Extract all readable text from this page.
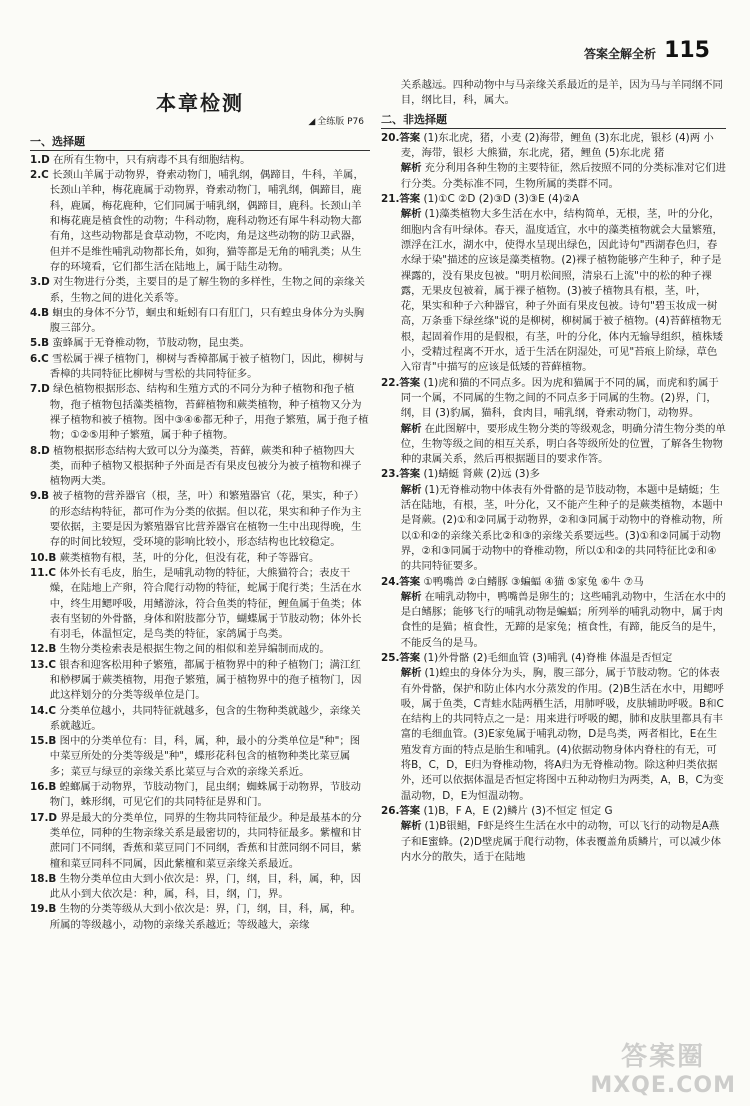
答案全解全析 115
本章检测
◢ 全练版 P76
一、选择题

1.D 在所有生物中，只有病毒不具有细胞结构。

2.C 长颈山羊属于动物界，脊索动物门，哺乳纲，偶蹄目，牛科，羊属，长颈山羊种，梅花鹿属于动物界，脊索动物门，哺乳纲，偶蹄目，鹿科，鹿属，梅花鹿种，它们同属于哺乳纲，偶蹄目，鹿科。长颈山羊和梅花鹿是植食性的动物；牛科动物，鹿科动物还有犀牛科动物大都有角，这些动物都是食草动物，不吃肉，角是这些动物的防卫武器，但并不是维性哺乳动物都长角，如狗，猫等都是无角的哺乳类；从生存的环境看，它们都生活在陆地上，属于陆生动物。

3.D 对生物进行分类，主要目的是了解生物的多样性，生物之间的亲缘关系，生物之间的进化关系等。

4.B 蛔虫的身体不分节，蛔虫和蚯蚓有口有肛门，只有蝗虫身体分为头胸腹三部分。

5.B 蛮蜂属于无脊椎动物，节肢动物，昆虫类。

6.C 雪松属于裸子植物门，柳树与香樟都属于被子植物门，因此，柳树与香樟的共同特征比柳树与雪松的共同特征多。

7.D 绿色植物根据形态、结构和生殖方式的不同分为种子植物和孢子植物，孢子植物包括藻类植物，苔藓植物和蕨类植物，种子植物又分为裸子植物和被子植物。图中③④⑥都无种子，用孢子繁殖，属于孢子植物；①②⑤用种子繁殖，属于种子植物。

8.D 植物根据形态结构大致可以分为藻类，苔藓，蕨类和种子植物四大类，而种子植物又根据种子外面是否有果皮包被分为被子植物和裸子植物两大类。

9.B 被子植物的营养器官（根，茎，叶）和繁殖器官（花，果实，种子）的形态结构特征，都可作为分类的依据。但以花，果实和种子作为主要依据，主要是因为繁殖器官比营养器官在植物一生中出现得晚，生存的时间比较短，受环境的影响比较小，形态结构也比较稳定。

10.B 蕨类植物有根，茎，叶的分化，但没有花，种子等器官。

11.C 体外长有毛皮，胎生，是哺乳动物的特征，大熊猫符合；表皮干燥，在陆地上产卵，符合爬行动物的特征，蛇属于爬行类；生活在水中，终生用鳃呼吸，用鳍游泳，符合鱼类的特征，鲤鱼属于鱼类；体表有坚韧的外骨骼，身体和附肢都分节，蝴蝶属于节肢动物；体外长有羽毛，体温恒定，是鸟类的特征，家鸽属于鸟类。

12.B 生物分类检索表是根据生物之间的相似和差异编制而成的。

13.C 银杏和迎客松用种子繁殖，都属于植物界中的种子植物门；满江红和桫椤属于蕨类植物，用孢子繁殖，属于植物界中的孢子植物门，因此这样划分的分类等级单位是门。

14.C 分类单位越小，共同特征就越多，包含的生物种类就越少，亲缘关系就越近。

15.B 图中的分类单位有：目，科，属，种，最小的分类单位是"种"；图中菜豆所处的分类等级是"种"，蝶形花科包含的植物种类比菜豆属多；菜豆与绿豆的亲缘关系比菜豆与合欢的亲缘关系近。

16.B 蝗螂属于动物界，节肢动物门，昆虫纲；蜘蛛属于动物界，节肢动物门，蛛形纲，可见它们的共同特征是界和门。

17.D 界是最大的分类单位，同界的生物共同特征最少。种是最基本的分类单位，同种的生物亲缘关系是最密切的，共同特征最多。紫檀和甘蔗同门不同纲，香蕉和菜豆同门不同纲，香蕉和甘蔗同纲不同目，紫檀和菜豆同科不同属，因此紫檀和菜豆亲缘关系最近。

18.B 生物分类单位由大到小依次是：界，门，纲，目，科，属，种，因此从小到大依次是：种，属，科，目，纲，门，界。

19.B 生物的分类等级从大到小依次是：界，门，纲，目，科，属，种。所属的等级越小，动物的亲缘关系越近；等级越大，亲缘

关系越远。四种动物中与马亲缘关系最近的是羊，因为马与羊同纲不同目，纲比目，科，属大。

二、非选择题

20.答案 (1)东北虎，猪，小麦 (2)海带，鲤鱼 (3)东北虎，银杉 (4)两 小麦，海带，银杉 大熊猫，东北虎，猪，鲤鱼 (5)东北虎 猪

解析 充分利用各种生物的主要特征，然后按照不同的分类标准对它们进行分类。分类标准不同，生物所属的类群不同。

21.答案 (1)①C ②D (2)③D (3)③E (4)②A

解析 (1)藻类植物大多生活在水中，结构简单，无根，茎，叶的分化，细胞内含有叶绿体。春天，温度适宜，水中的藻类植物就会大量繁殖，漂浮在江水，湖水中，使得水呈现出绿色，因此诗句"西湖春色归，春水绿于染"描述的应该是藻类植物。(2)裸子植物能够产生种子，种子是裸露的，没有果皮包被。"明月松间照，清泉石上流"中的松的种子裸露，无果皮包被着，属于裸子植物。(3)被子植物具有根，茎，叶，花，果实和种子六种器官，种子外面有果皮包被。诗句"碧玉妆成一树高，万条垂下绿丝绦"说的是柳树，柳树属于被子植物。(4)苔藓植物无根，起固着作用的是假根，有茎，叶的分化，体内无输导组织，植株矮小，受精过程离不开水，适于生活在阴湿处，可见"苔痕上阶绿，草色入帘青"中描写的应该是低矮的苔藓植物。

22.答案 (1)虎和猫的不同点多。因为虎和猫属于不同的属，而虎和豹属于同一个属，不同属的生物之间的不同点多于同属的生物。(2)界，门，纲，目 (3)豹属，猫科，食肉目，哺乳纲，脊索动物门，动物界。

解析 在此图解中，要形成生物分类的等级观念，明确分清生物分类的单位，生物等级之间的相互关系，明白各等级所处的位置，了解各生物物种的隶属关系，然后再根据题目的要求作答。

23.答案 (1)蜻蜓 肾蕨 (2)远 (3)多

解析 (1)无脊椎动物中体表有外骨骼的是节肢动物，本题中是蜻蜓；生活在陆地，有根，茎，叶分化，又不能产生种子的是蕨类植物，本题中是肾蕨。(2)①和②同属于动物界，②和③同属于动物中的脊椎动物，所以①和②的亲缘关系比②和③的亲缘关系要远些。(3)①和②同属于动物界，②和③同属于动物中的脊椎动物，所以①和②的共同特征比②和④的共同特征要多。

24.答案 ①鸭嘴兽 ②白鳍豚 ③蝙蝠 ④猫 ⑤家兔 ⑥牛 ⑦马

解析 在哺乳动物中，鸭嘴兽是卵生的；这些哺乳动物中，生活在水中的是白鳍豚；能够飞行的哺乳动物是蝙蝠；所列举的哺乳动物中，属于肉食性的是猫；植食性，无蹄的是家兔；植食性，有蹄，能反刍的是牛，不能反刍的是马。

25.答案 (1)外骨骼 (2)毛细血管 (3)哺乳 (4)脊椎 体温是否恒定

解析 (1)蝗虫的身体分为头，胸，腹三部分，属于节肢动物。它的体表有外骨骼，保护和防止体内水分蒸发的作用。(2)B生活在水中，用鳃呼吸，属于鱼类，C青蛙水陆两栖生活，用肺呼吸，皮肤辅助呼吸。B和C在结构上的共同特点之一是：用来进行呼吸的鳃，肺和皮肤里都具有丰富的毛细血管。(3)E家兔属于哺乳动物，D是鸟类，两者相比，E在生殖发育方面的特点是胎生和哺乳。(4)依据动物身体内脊柱的有无，可将B，C，D，E归为脊椎动物，将A归为无脊椎动物。除这种归类依据外，还可以依据体温是否恒定将图中五种动物归为两类，A，B，C为变温动物，D，E为恒温动物。

26.答案 (1)B，F A，E (2)鳞片 (3)不恒定 恒定 G

解析 (1)B银鲳，F虾是终生生活在水中的动物，可以飞行的动物是A燕子和E蜜蜂。(2)D壁虎属于爬行动物，体表覆盖角质鳞片，可以减少体内水分的散失，适于在陆地

答案圈
MXQE.COM
